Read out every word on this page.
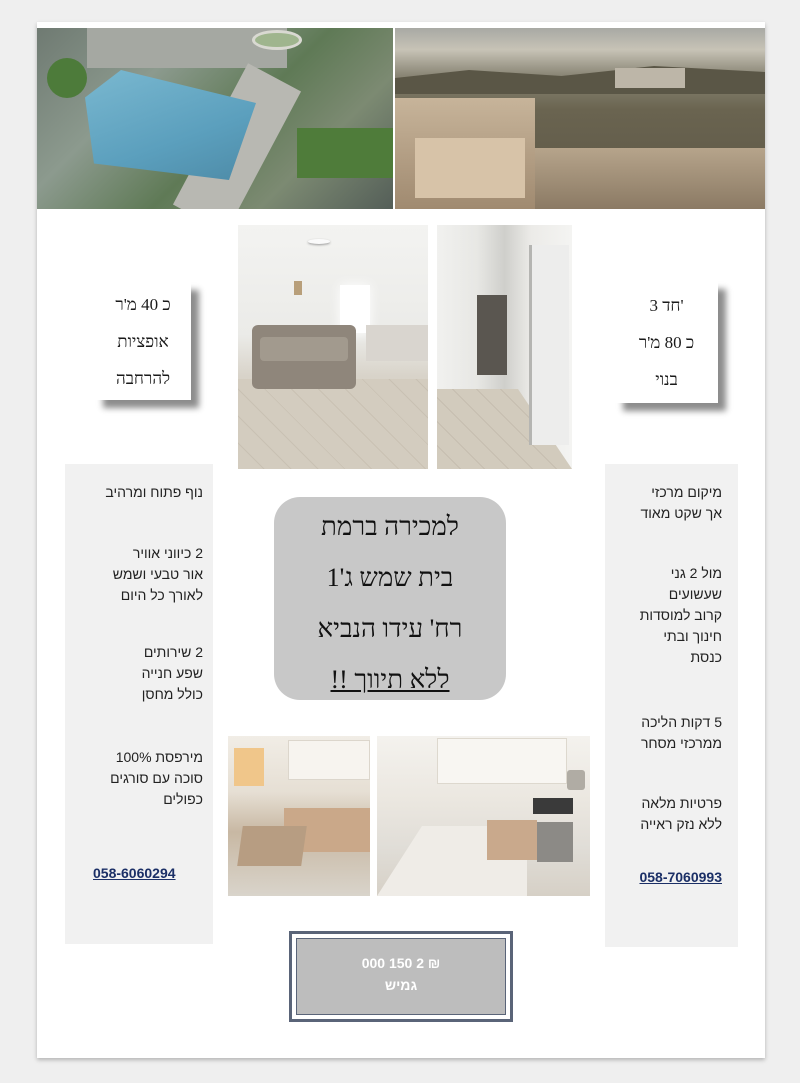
כ 40 מ'ר
אופציות
להרחבה
3 חד'
כ 80 מ'ר
בנוי

נוף פתוח ומרהיב

2 כיווני אוויר

אור טבעי ושמש

לאורך כל היום

2 שירותים

שפע חנייה

כולל מחסן

מירפסת 100%

סוכה עם סורגים

כפולים

058-6060294

מיקום מרכזי

אך שקט מאוד

מול 2 גני

שעשועים

קרוב למוסדות

חינוך ובתי

כנסת

5 דקות הליכה

ממרכזי מסחר

פרטיות מלאה

ללא נזק ראייה

058-7060993

למכירה ברמת
בית שמש ג'1
רח' עידו הנביא
ללא תיווך !!
₪ 2 150 000
גמיש
